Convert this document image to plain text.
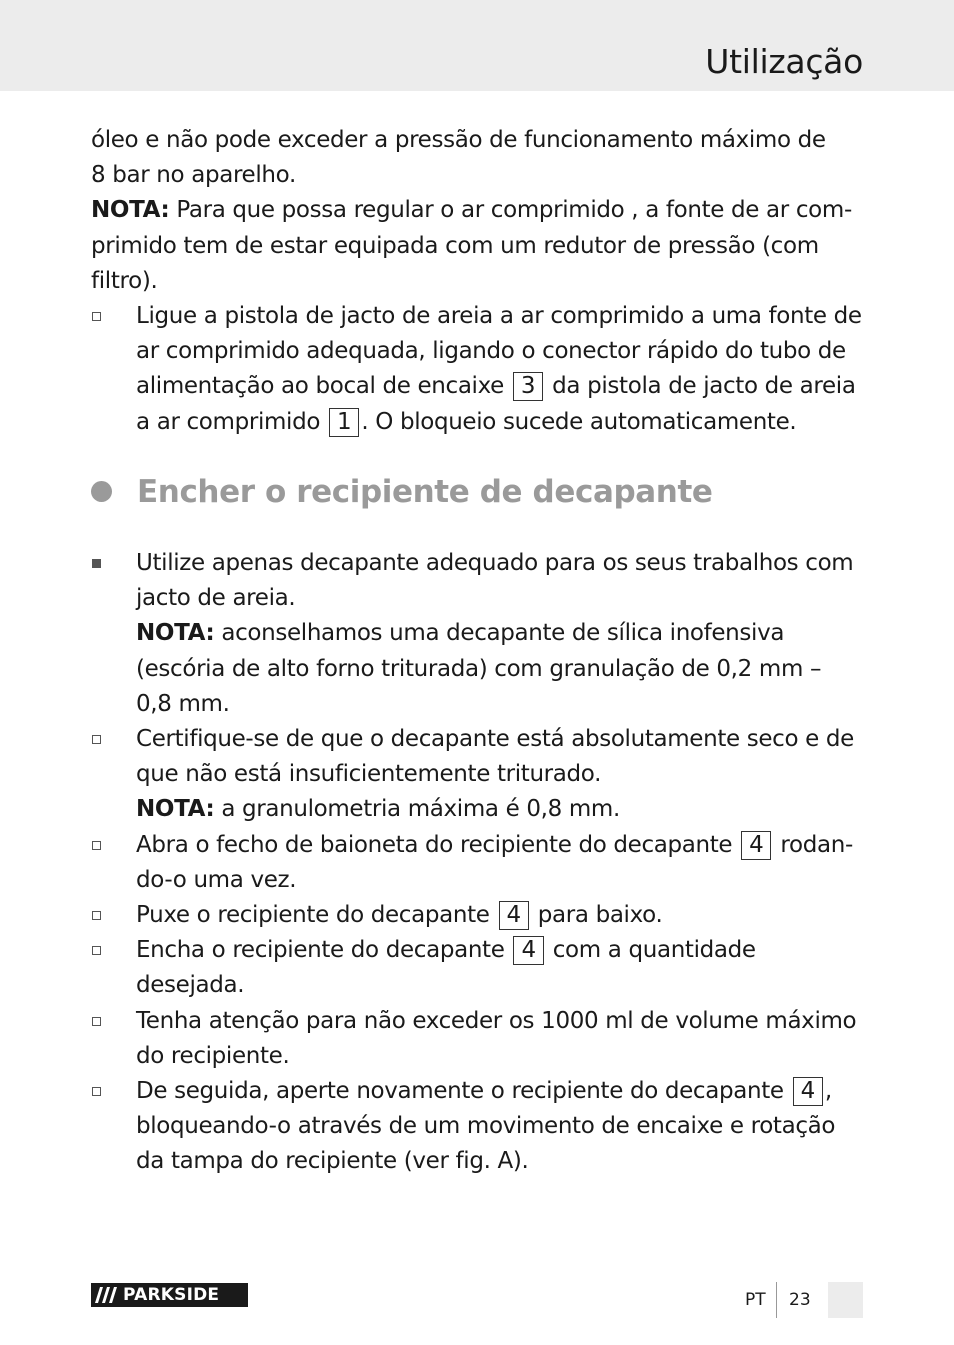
Utilização

óleo e não pode exceder a pressão de funcionamento máximo de
8 bar no aparelho.

NOTA: Para que possa regular o ar comprimido , a fonte de ar com-primido tem de estar equipada com um redutor de pressão (com filtro).

Ligue a pistola de jacto de areia a ar comprimido a uma fonte de ar comprimido adequada, ligando o conector rápido do tubo de alimentação ao bocal de encaixe 3 da pistola de jacto de areia a ar comprimido 1 . O bloqueio sucede automaticamente.
Encher o recipiente de decapante
Utilize apenas decapante adequado para os seus trabalhos com jacto de areia.
NOTA: aconselhamos uma decapante de sílica inofensiva (escória de alto forno triturada) com granulação de 0,2 mm – 0,8 mm.
Certifique-se de que o decapante está absolutamente seco e de que não está insuficientemente triturado.
NOTA: a granulometria máxima é 0,8 mm.
Abra o fecho de baioneta do recipiente do decapante 4 rodan-do-o uma vez.
Puxe o recipiente do decapante 4 para baixo.
Encha o recipiente do decapante 4 com a quantidade desejada.
Tenha atenção para não exceder os 1000 ml de volume máximo do recipiente.
De seguida, aperte novamente o recipiente do decapante 4 , bloqueando-o através de um movimento de encaixe e rotação da tampa do recipiente (ver fig. A).
PARKSIDE	PT 23
